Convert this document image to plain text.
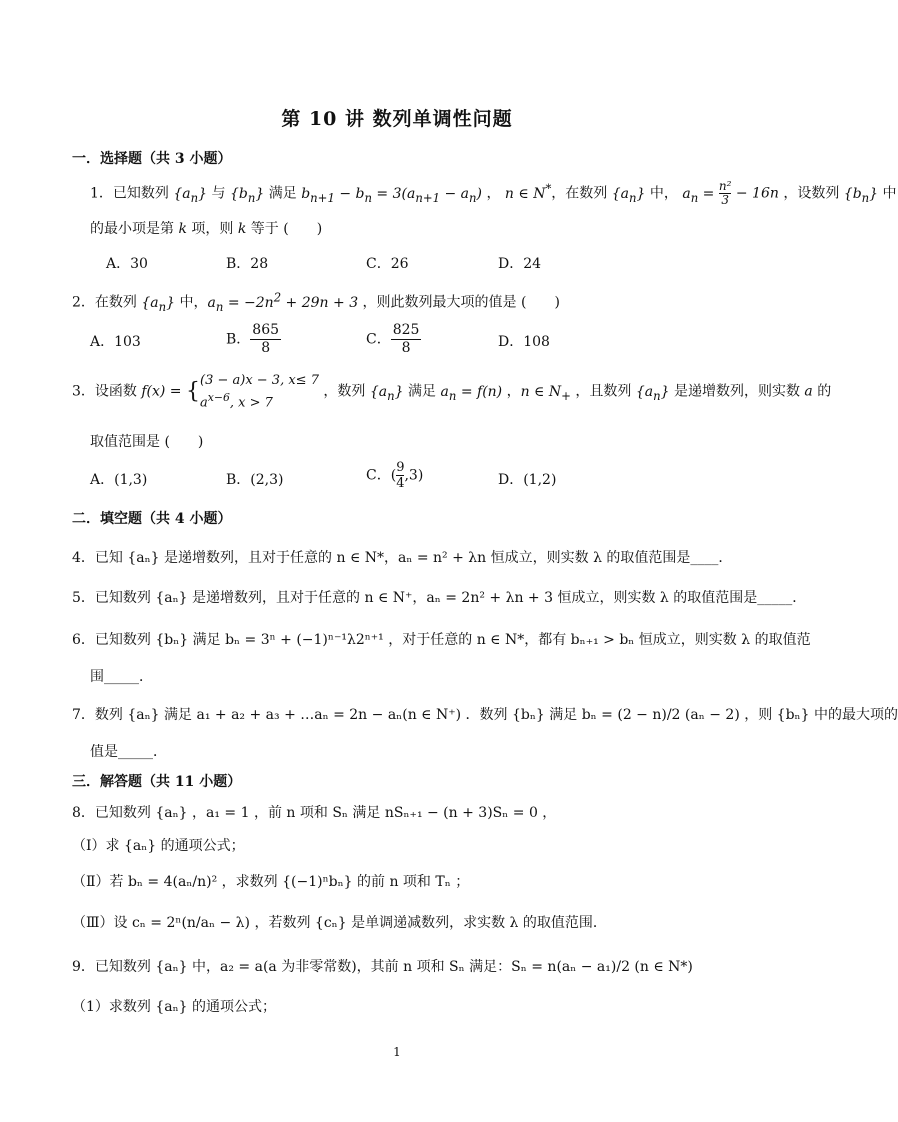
第 10 讲 数列单调性问题
一．选择题（共 3 小题）
1．已知数列 $\{a_n\}$ 与 $\{b_n\}$ 满足 $b_{n+1} - b_n = 3(a_{n+1} - a_n)$ ， n ∈ N*，在数列 $\{a_n\}$ 中， $a_n = \frac{\text{n²}}{3} - 16n$ ，设数列 $\{b_n\}$ 中
的最小项是第 k 项，则 k 等于 (　　)
A．30	B．28	C．26	D．24
2．在数列 $\{a_n\}$ 中，$a_n = -2n^2 + 29n + 3$ ，则此数列最大项的值是 (　　)
A．103	B． $\frac{865}{8}$	C． $\frac{825}{8}$	D．108
3．设函数 f(x) = { (3 − a)x − 3, x≤ 7
$a^{x-6}$, x > 7
，数列 $\{a_n\}$ 满足 $a_n = f(n)$ ，n ∈ $N_+$ ，且数列 $\{a_n\}$ 是递增数列，则实数 a 的
取值范围是 (　　)
A．(1,3)	B．(2,3)	C．( $\frac{9}{4} ,3$)	D．(1,2)
二．填空题（共 4 小题）
4．已知 {aₙ} 是递增数列，且对于任意的 n ∈ N*，aₙ = n² + λn 恒成立，则实数 λ 的取值范围是____．
5．已知数列 {aₙ} 是递增数列，且对于任意的 n ∈ N⁺，aₙ = 2n² + λn + 3 恒成立，则实数 λ 的取值范围是_____．
6．已知数列 {bₙ} 满足 bₙ = 3ⁿ + (−1)ⁿ⁻¹λ2ⁿ⁺¹ ，对于任意的 n ∈ N*，都有 bₙ₊₁ > bₙ 恒成立，则实数 λ 的取值范
围_____．
7．数列 {aₙ} 满足 a₁ + a₂ + a₃ + …aₙ = 2n − aₙ(n ∈ N⁺) ．数列 {bₙ} 满足 bₙ = (2 − n)/2 (aₙ − 2) ，则 {bₙ} 中的最大项的
值是_____．
三．解答题（共 11 小题）
8．已知数列 {aₙ} ，a₁ = 1 ，前 n 项和 Sₙ 满足 nSₙ₊₁ − (n + 3)Sₙ = 0 ，
（Ⅰ）求 {aₙ} 的通项公式；
（Ⅱ）若 bₙ = 4(aₙ/n)² ，求数列 {(−1)ⁿbₙ} 的前 n 项和 Tₙ ；
（Ⅲ）设 cₙ = 2ⁿ(n/aₙ − λ) ，若数列 {cₙ} 是单调递减数列，求实数 λ 的取值范围．
9．已知数列 {aₙ} 中，a₂ = a(a 为非零常数)，其前 n 项和 Sₙ 满足：Sₙ = n(aₙ − a₁)/2 (n ∈ N*)
（1）求数列 {aₙ} 的通项公式；
1
